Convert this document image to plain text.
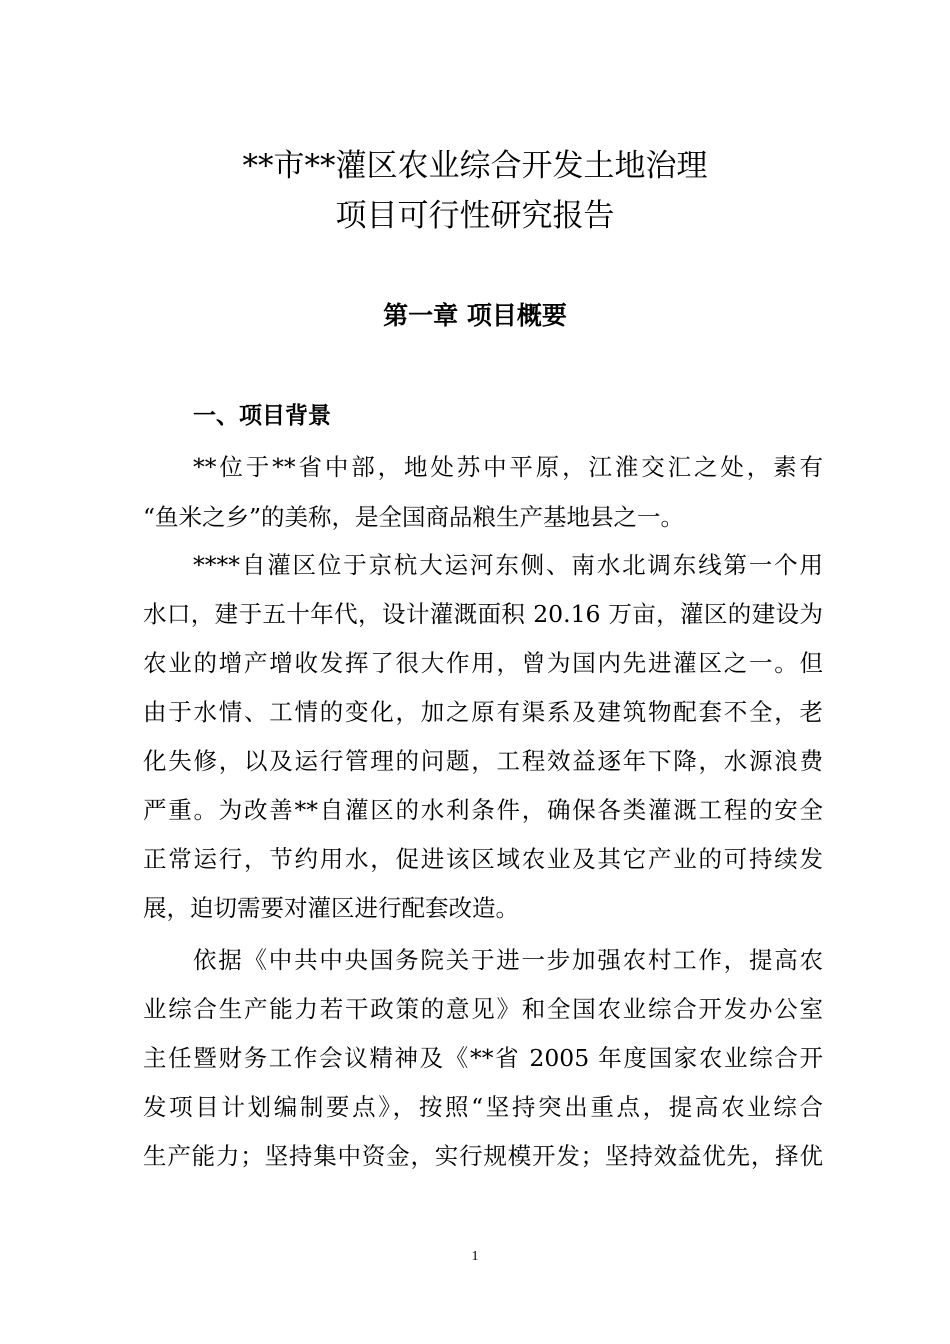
**市**灌区农业综合开发土地治理
项目可行性研究报告
第一章 项目概要
一、项目背景
**位于**省中部，地处苏中平原，江淮交汇之处，素有
“鱼米之乡”的美称，是全国商品粮生产基地县之一。
****自灌区位于京杭大运河东侧、南水北调东线第一个用
水口，建于五十年代，设计灌溉面积 20.16 万亩，灌区的建设为
农业的增产增收发挥了很大作用，曾为国内先进灌区之一。但
由于水情、工情的变化，加之原有渠系及建筑物配套不全，老
化失修，以及运行管理的问题，工程效益逐年下降，水源浪费
严重。为改善**自灌区的水利条件，确保各类灌溉工程的安全
正常运行，节约用水，促进该区域农业及其它产业的可持续发
展，迫切需要对灌区进行配套改造。
依据《中共中央国务院关于进一步加强农村工作，提高农
业综合生产能力若干政策的意见》和全国农业综合开发办公室
主任暨财务工作会议精神及《**省 2005 年度国家农业综合开
发项目计划编制要点》，按照“坚持突出重点，提高农业综合
生产能力；坚持集中资金，实行规模开发；坚持效益优先，择优
1
